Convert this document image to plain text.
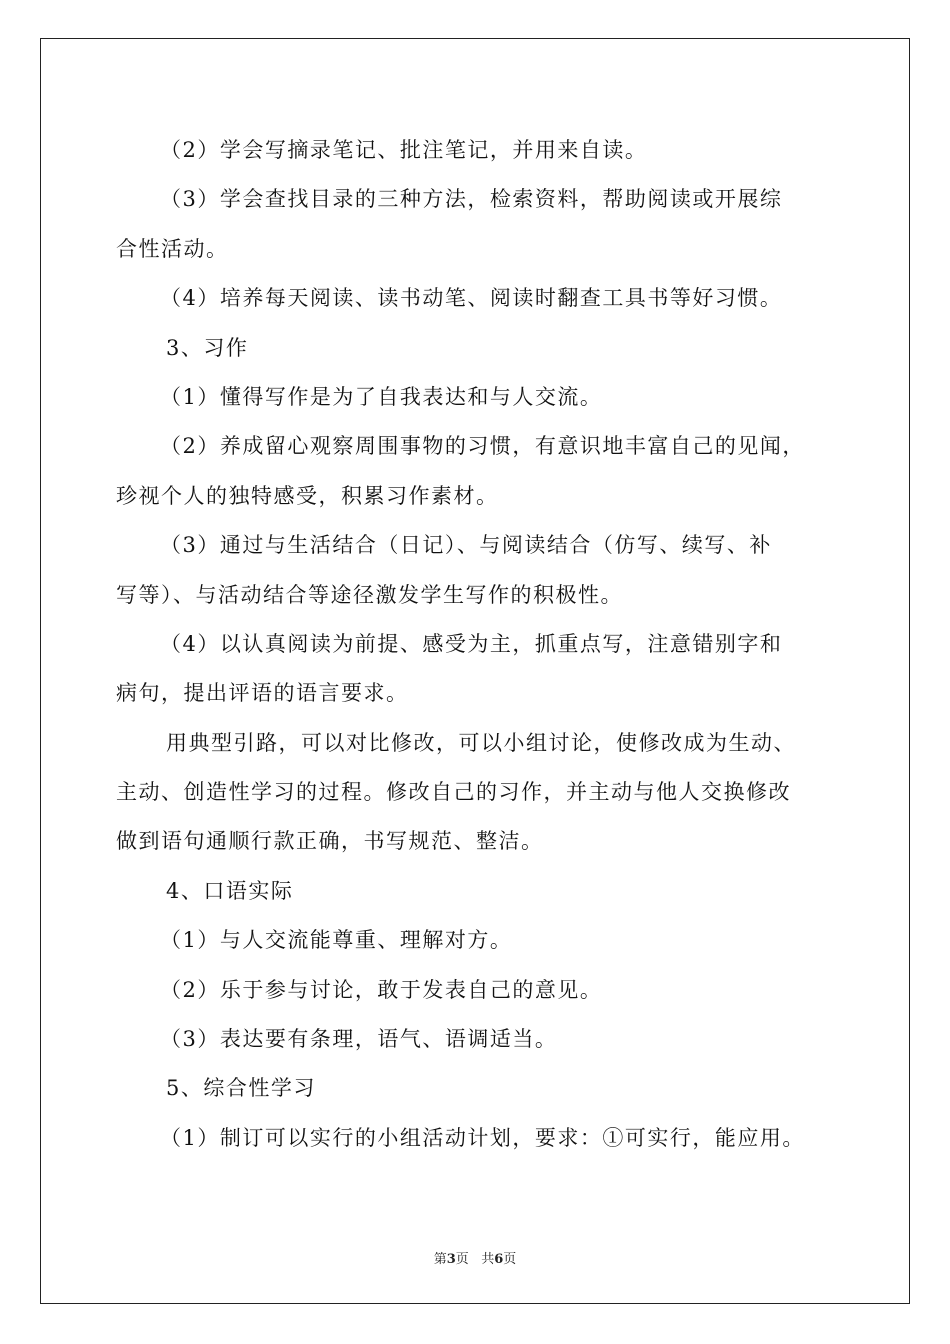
（2）学会写摘录笔记、批注笔记，并用来自读。
（3）学会查找目录的三种方法，检索资料，帮助阅读或开展综
合性活动。
（4）培养每天阅读、读书动笔、阅读时翻查工具书等好习惯。
3、习作
（1）懂得写作是为了自我表达和与人交流。
（2）养成留心观察周围事物的习惯，有意识地丰富自己的见闻，
珍视个人的独特感受，积累习作素材。
（3）通过与生活结合（日记）、与阅读结合（仿写、续写、补
写等）、与活动结合等途径激发学生写作的积极性。
（4）以认真阅读为前提、感受为主，抓重点写，注意错别字和
病句，提出评语的语言要求。
用典型引路，可以对比修改，可以小组讨论，使修改成为生动、
主动、创造性学习的过程。修改自己的习作，并主动与他人交换修改
做到语句通顺行款正确，书写规范、整洁。
4、口语实际
（1）与人交流能尊重、理解对方。
（2）乐于参与讨论，敢于发表自己的意见。
（3）表达要有条理，语气、语调适当。
5、综合性学习
（1）制订可以实行的小组活动计划，要求：①可实行，能应用。
第3页 共6页
